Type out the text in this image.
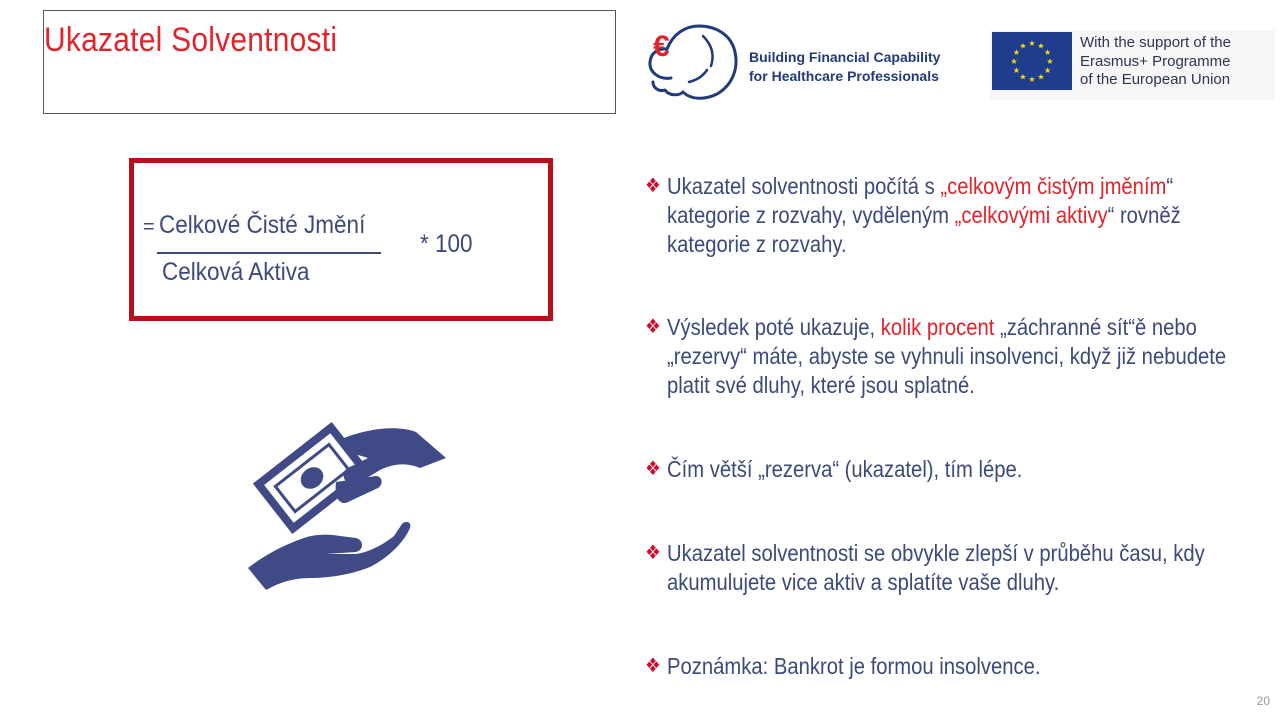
Ukazatel Solventnosti	€	Building Financial Capability
for Healthcare Professionals
★ ★
★
★
★
★
★
★
★
★
★
★	With the support of the
Erasmus+ Programme
of the European Union
= Celkové Čisté Jmění
Celková Aktiva
* 100
❖ Ukazatel solventnosti počítá s „celkovým čistým jměním“ kategorie z rozvahy, vyděleným „celkovými aktivy“ rovněž kategorie z rozvahy.
❖ Výsledek poté ukazuje, kolik procent „záchranné sít“ě nebo „rezervy“ máte, abyste se vyhnuli insolvenci, když již nebudete platit své dluhy, které jsou splatné.
❖ Čím větší „rezerva“ (ukazatel), tím lépe.
❖ Ukazatel solventnosti se obvykle zlepší v průběhu času, kdy akumulujete vice aktiv a splatíte vaše dluhy.
❖ Poznámka: Bankrot je formou insolvence.
20
